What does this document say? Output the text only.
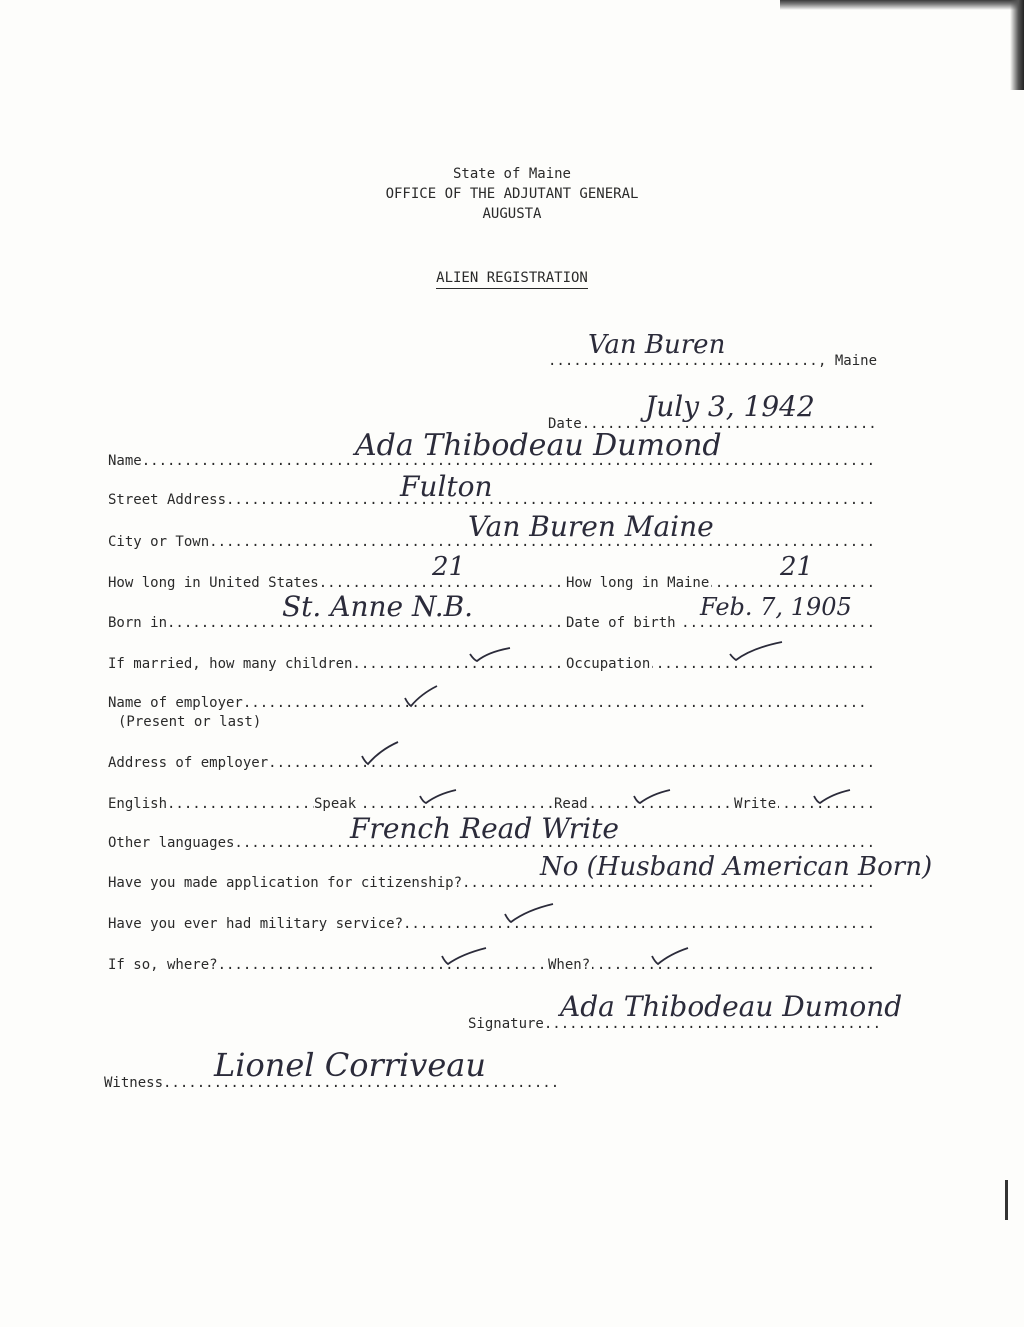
State of Maine
OFFICE OF THE ADJUTANT GENERAL
AUGUSTA
ALIEN REGISTRATION
.....
, Maine
Van Buren
.....
Date
July 3, 1942
.....
Name	Ada Thibodeau Dumond
.....
Street Address	Fulton
.....
City or Town	Van Buren Maine
.....
How long in United States	How long in Maine
21	21
.....
Born in	Date of birth
St. Anne N.B.	Feb. 7, 1905
.....
If married, how many children	Occupation
.....
Name of employer
(Present or last)
.....
Address of employer
.....
English	Speak	Read	Write
.....
Other languages	French Read Write
.....
Have you made application for citizenship?
No (Husband American Born)
.....
Have you ever had military service?
.....
If so, where?	When?
.....
Signature
Ada Thibodeau Dumond
.....
Witness Lionel Corriveau
